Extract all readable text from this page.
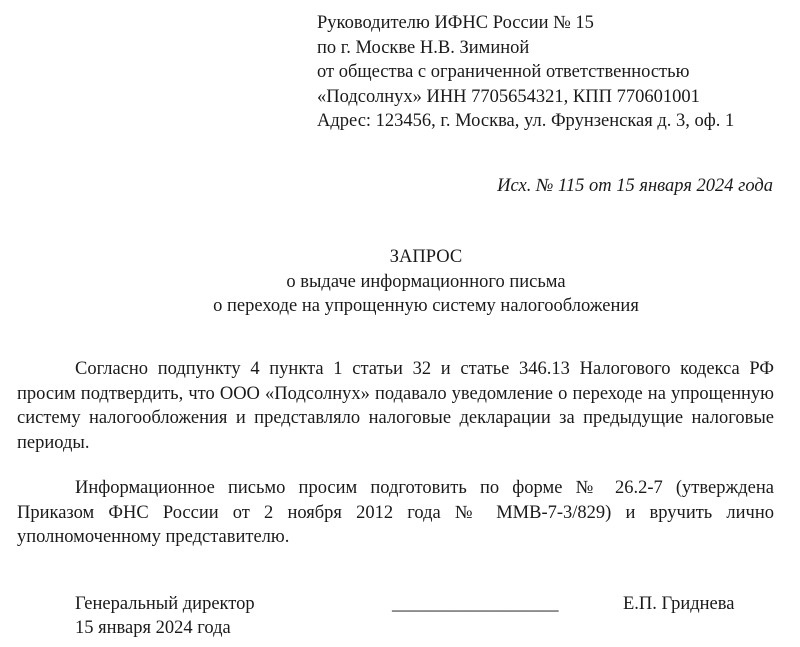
Руководителю ИФНС России № 15
по г. Москве Н.В. Зиминой
от общества с ограниченной ответственностью
«Подсолнух» ИНН 7705654321, КПП 770601001
Адрес: 123456, г. Москва, ул. Фрунзенская д. 3, оф. 1
Исх. № 115 от 15 января 2024 года
ЗАПРОС
о выдаче информационного письма
о переходе на упрощенную систему налогообложения

Согласно подпункту 4 пункта 1 статьи 32 и статье 346.13 Налогового кодекса РФ просим подтвердить, что ООО «Подсолнух» подавало уведомление о переходе на упрощенную систему налогообложения и представляло налоговые декларации за предыдущие налоговые периоды.

Информационное письмо просим подготовить по форме № 26.2-7 (утверждена Приказом ФНС России от 2 ноября 2012 года № ММВ-7-3/829) и вручить лично уполномоченному представителю.

Генеральный директор
15 января 2024 года
__________________	Е.П. Гриднева
